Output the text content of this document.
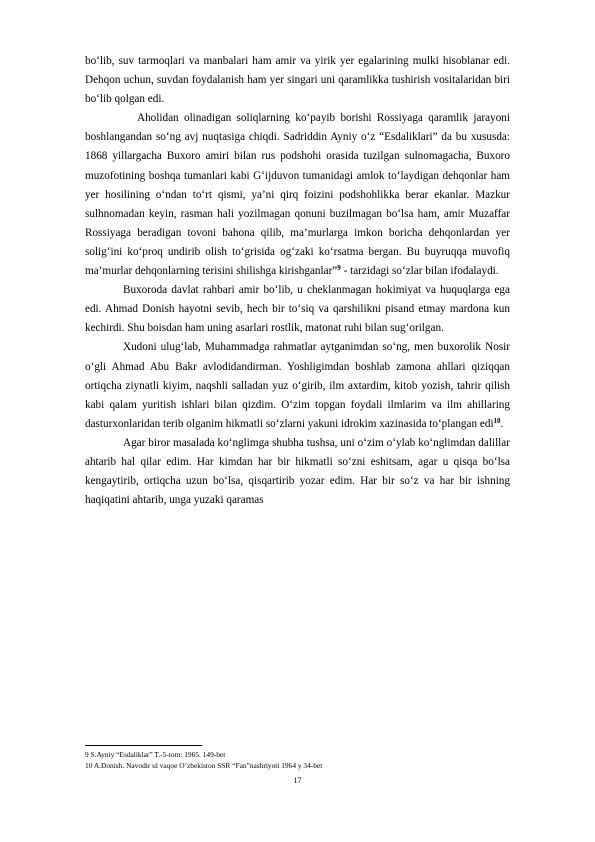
bo‘lib, suv tarmoqlari va manbalari ham amir va yirik yer egalarining mulki hisoblanar edi. Dehqon uchun, suvdan foydalanish ham yer singari uni qaramlikka tushirish vositalaridan biri bo‘lib qolgan edi.

Aholidan olinadigan soliqlarning ko‘payib borishi Rossiyaga qaramlik jarayoni boshlangandan so‘ng avj nuqtasiga chiqdi. Sadriddin Ayniy o‘z “Esdaliklari” da bu xususda: 1868 yillargacha Buxoro amiri bilan rus podshohi orasida tuzilgan sulnomagacha, Buxoro muzofotining boshqa tumanlari kabi G‘ijduvon tumanidagi amlok to‘laydigan dehqonlar ham yer hosilining o‘ndan to‘rt qismi, ya’ni qirq foizini podshohlikka berar ekanlar. Mazkur sulhnomadan keyin, rasman hali yozilmagan qonuni buzilmagan bo‘lsa ham, amir Muzaffar Rossiyaga beradigan tovoni bahona qilib, ma’murlarga imkon boricha dehqonlardan yer solig‘ini ko‘proq undirib olish to‘grisida og‘zaki ko‘rsatma bergan. Bu buyruqqa muvofiq ma’murlar dehqonlarning terisini shilishga kirishganlar”$^9$ - tarzidagi so‘zlar bilan ifodalaydi.

Buxoroda davlat rahbari amir bo‘lib, u cheklanmagan hokimiyat va huquqlarga ega edi. Ahmad Donish hayotni sevib, hech bir to‘siq va qarshilikni pisand etmay mardona kun kechirdi. Shu boisdan ham uning asarlari rostlik, matonat ruhi bilan sug‘orilgan.

Xudoni ulug‘lab, Muhammadga rahmatlar aytganimdan so‘ng, men buxorolik Nosir o‘gli Ahmad Abu Bakr avlodidandirman. Yoshligimdan boshlab zamona ahllari qiziqqan ortiqcha ziynatli kiyim, naqshli salladan yuz o‘girib, ilm axtardim, kitob yozish, tahrir qilish kabi qalam yuritish ishlari bilan qizdim. O‘zim topgan foydali ilmlarim va ilm ahillaring dasturxonlaridan terib olganim hikmatli so‘zlarni yakuni idrokim xazinasida to‘plangan edi$^{10}$.

Agar biror masalada ko‘nglimga shubha tushsa, uni o‘zim o‘ylab ko‘nglimdan dalillar ahtarib hal qilar edim. Har kimdan har bir hikmatli so‘zni eshitsam, agar u qisqa bo‘lsa kengaytirib, ortiqcha uzun bo‘lsa, qisqartirib yozar edim. Har bir so‘z va har bir ishning haqiqatini ahtarib, unga yuzaki qaramas

9 S.Ayniy “Esdaliklar” T.-5-tom: 1965. 149-bet
10 A.Donish. Navodir ul vaqoe O’zbekiston SSR “Fan”nashriyoti 1964 y 34-bet
17
